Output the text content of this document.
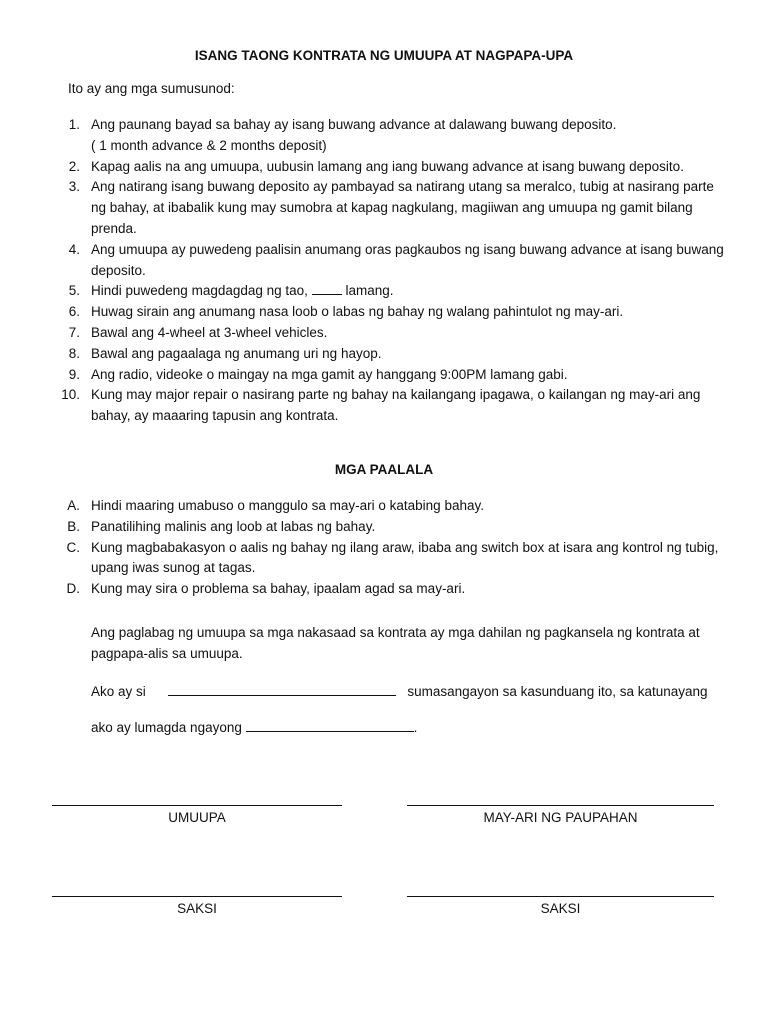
ISANG TAONG KONTRATA NG UMUUPA AT NAGPAPA-UPA
Ito ay ang mga sumusunod:
1. Ang paunang bayad sa bahay ay isang buwang advance at dalawang buwang deposito.
( 1 month advance & 2 months deposit)
2. Kapag aalis na ang umuupa, uubusin lamang ang iang buwang advance at isang buwang deposito.
3. Ang natirang isang buwang deposito ay pambayad sa natirang utang sa meralco, tubig at nasirang parte ng bahay, at ibabalik kung may sumobra at kapag nagkulang, magiiwan ang umuupa ng gamit bilang prenda.
4. Ang umuupa ay puwedeng paalisin anumang oras pagkaubos ng isang buwang advance at isang buwang deposito.
5. Hindi puwedeng magdagdag ng tao,	lamang.
6. Huwag sirain ang anumang nasa loob o labas ng bahay ng walang pahintulot ng may-ari.
7. Bawal ang 4-wheel at 3-wheel vehicles.
8. Bawal ang pagaalaga ng anumang uri ng hayop.
9. Ang radio, videoke o maingay na mga gamit ay hanggang 9:00PM lamang gabi.
10. Kung may major repair o nasirang parte ng bahay na kailangang ipagawa, o kailangan ng may-ari ang bahay, ay maaaring tapusin ang kontrata.
MGA PAALALA
A. Hindi maaring umabuso o manggulo sa may-ari o katabing bahay.
B. Panatilihing malinis ang loob at labas ng bahay.
C. Kung magbabakasyon o aalis ng bahay ng ilang araw, ibaba ang switch box at isara ang kontrol ng tubig, upang iwas sunog at tagas.
D. Kung may sira o problema sa bahay, ipaalam agad sa may-ari.
Ang paglabag ng umuupa sa mga nakasaad sa kontrata ay mga dahilan ng pagkansela ng kontrata at pagpapa-alis sa umuupa.
Ako ay si	sumasangayon sa kasunduang ito, sa katunayang
ako ay lumagda ngayong	.
UMUUPA	MAY-ARI NG PAUPAHAN
SAKSI	SAKSI
